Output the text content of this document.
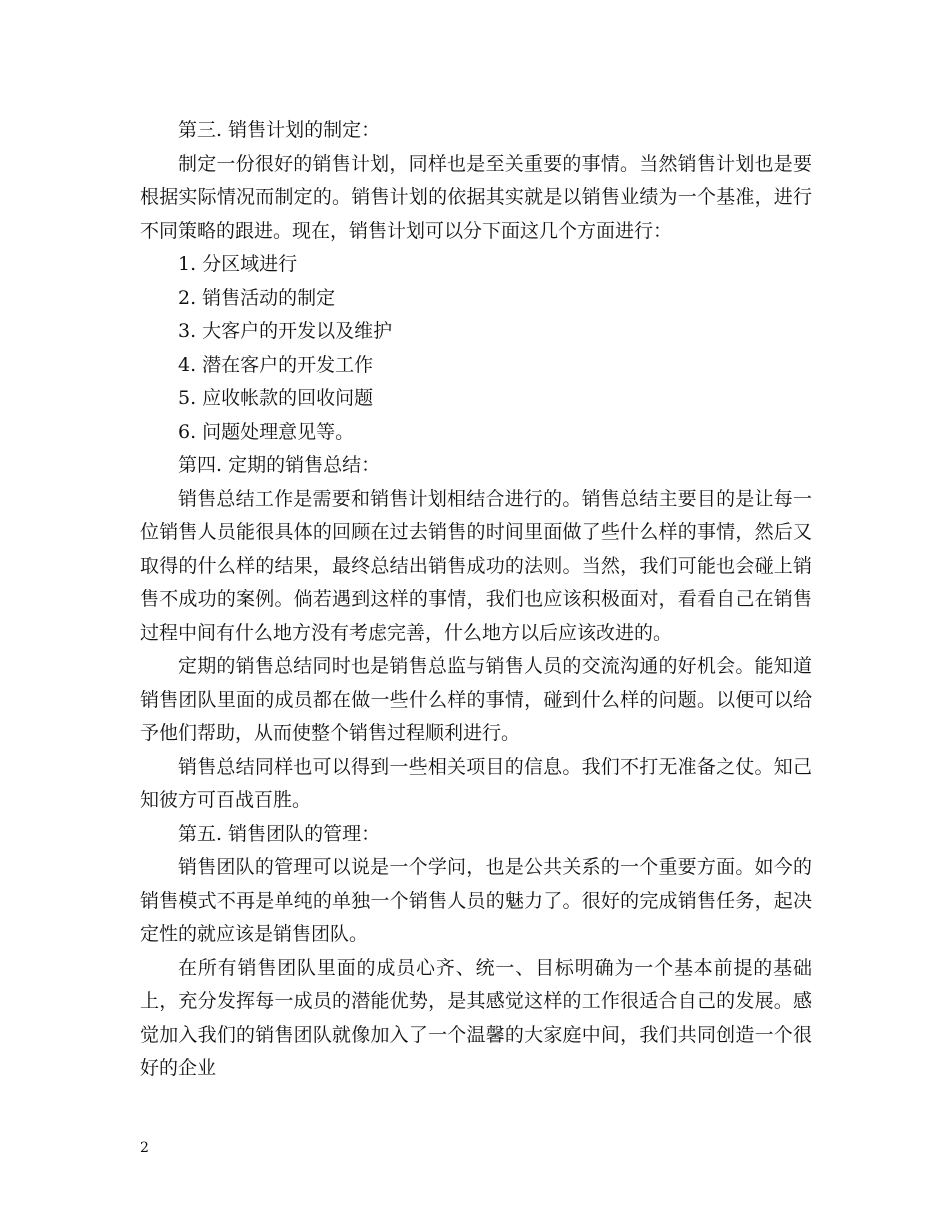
第三. 销售计划的制定：

制定一份很好的销售计划，同样也是至关重要的事情。当然销售计划也是要根据实际情况而制定的。销售计划的依据其实就是以销售业绩为一个基准，进行不同策略的跟进。现在，销售计划可以分下面这几个方面进行：

1. 分区域进行

2. 销售活动的制定

3. 大客户的开发以及维护

4. 潜在客户的开发工作

5. 应收帐款的回收问题

6. 问题处理意见等。

第四. 定期的销售总结：

销售总结工作是需要和销售计划相结合进行的。销售总结主要目的是让每一位销售人员能很具体的回顾在过去销售的时间里面做了些什么样的事情，然后又取得的什么样的结果，最终总结出销售成功的法则。当然，我们可能也会碰上销售不成功的案例。倘若遇到这样的事情，我们也应该积极面对，看看自己在销售过程中间有什么地方没有考虑完善，什么地方以后应该改进的。

定期的销售总结同时也是销售总监与销售人员的交流沟通的好机会。能知道销售团队里面的成员都在做一些什么样的事情，碰到什么样的问题。以便可以给予他们帮助，从而使整个销售过程顺利进行。

销售总结同样也可以得到一些相关项目的信息。我们不打无准备之仗。知己知彼方可百战百胜。

第五. 销售团队的管理：

销售团队的管理可以说是一个学问，也是公共关系的一个重要方面。如今的销售模式不再是单纯的单独一个销售人员的魅力了。很好的完成销售任务，起决定性的就应该是销售团队。

在所有销售团队里面的成员心齐、统一、目标明确为一个基本前提的基础上，充分发挥每一成员的潜能优势，是其感觉这样的工作很适合自己的发展。感觉加入我们的销售团队就像加入了一个温馨的大家庭中间，我们共同创造一个很好的企业

2
